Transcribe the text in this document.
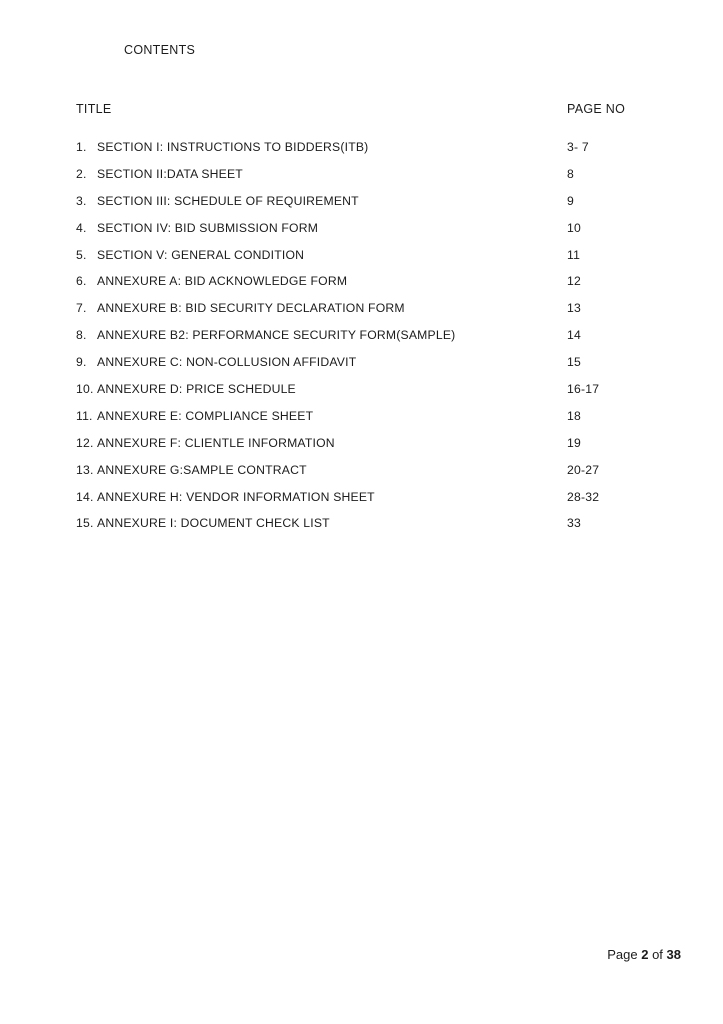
CONTENTS
TITLE	PAGE NO
1. SECTION I: INSTRUCTIONS TO BIDDERS(ITB)	3- 7
2. SECTION II:DATA SHEET	8
3. SECTION III: SCHEDULE OF REQUIREMENT	9
4. SECTION IV: BID SUBMISSION FORM	10
5. SECTION V: GENERAL CONDITION	11
6. ANNEXURE A: BID ACKNOWLEDGE FORM	12
7. ANNEXURE B: BID SECURITY DECLARATION FORM	13
8. ANNEXURE B2: PERFORMANCE SECURITY FORM(SAMPLE)	14
9. ANNEXURE C: NON-COLLUSION AFFIDAVIT	15
10. ANNEXURE D: PRICE SCHEDULE	16-17
11. ANNEXURE E: COMPLIANCE SHEET	18
12. ANNEXURE F: CLIENTLE INFORMATION	19
13. ANNEXURE G:SAMPLE CONTRACT	20-27
14. ANNEXURE H: VENDOR INFORMATION SHEET	28-32
15. ANNEXURE I: DOCUMENT CHECK LIST	33
Page 2 of 38
